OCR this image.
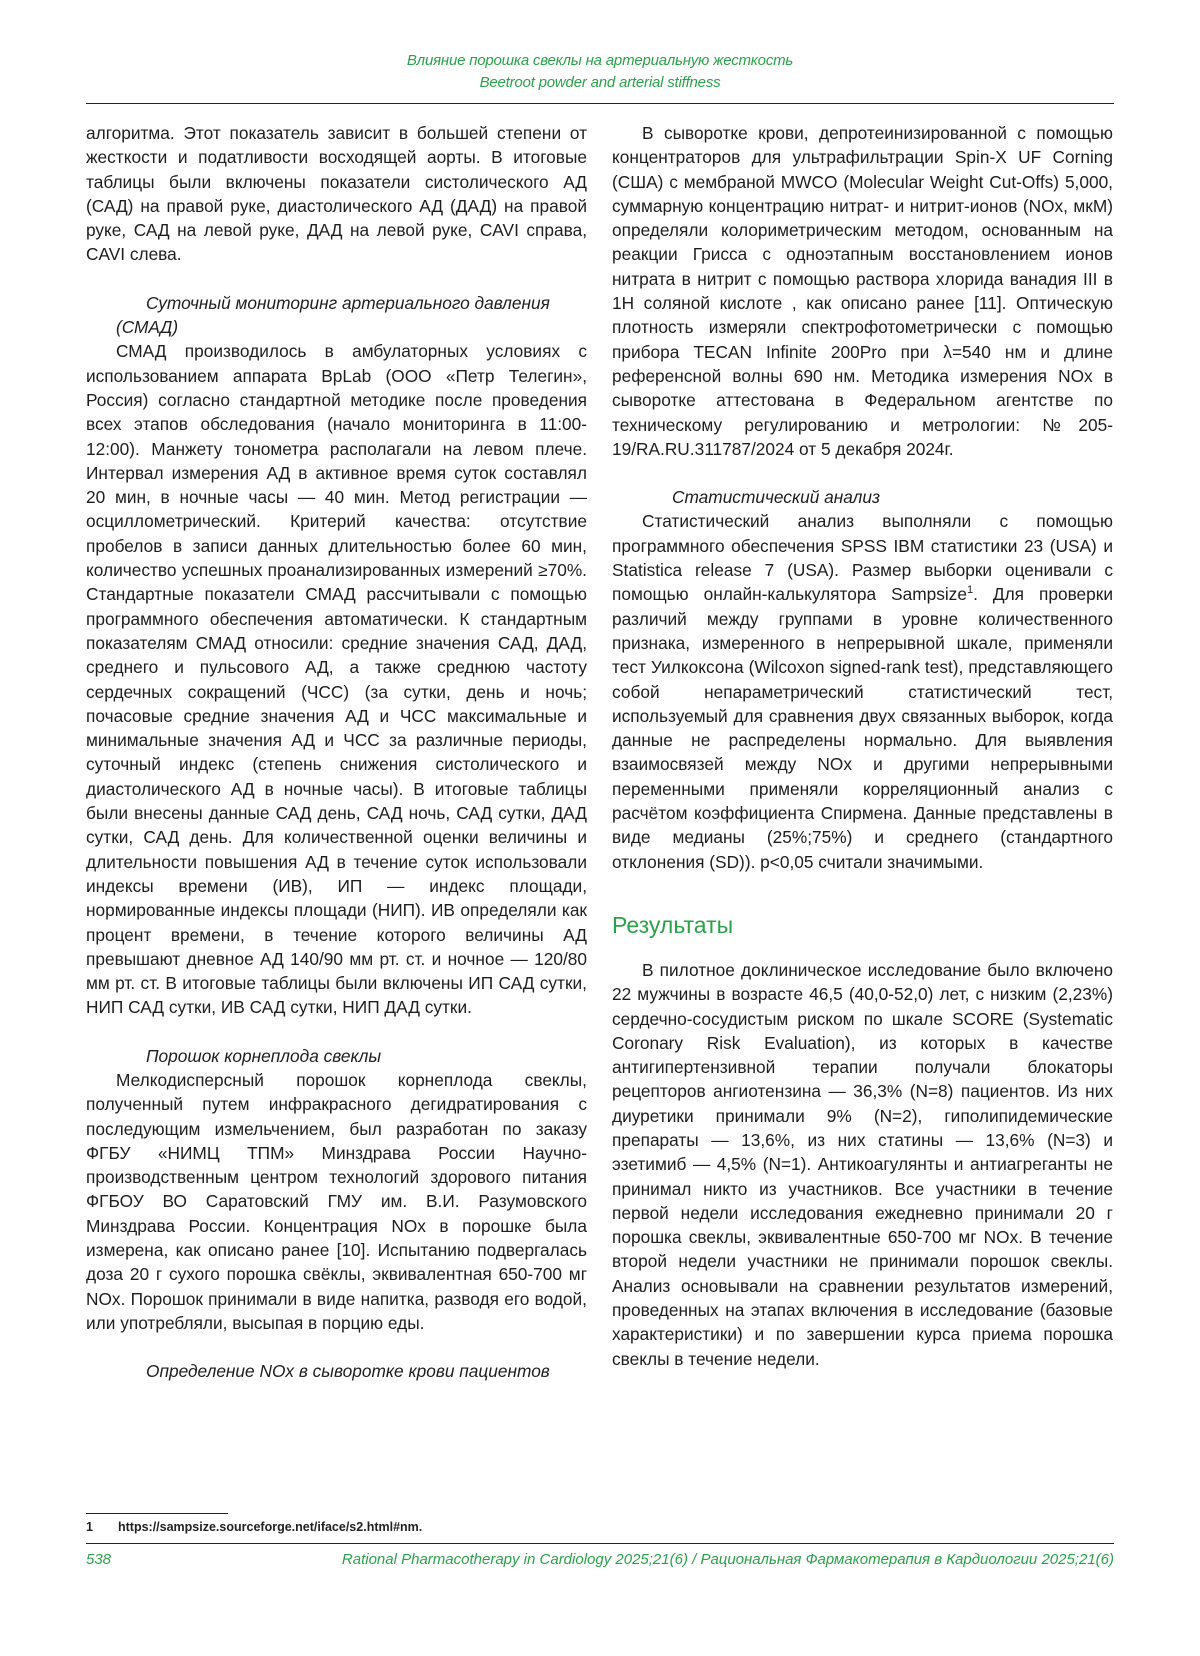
Влияние порошка свеклы на артериальную жесткость
Beetroot powder and arterial stiffness

алгоритма. Этот показатель зависит в большей степени от жесткости и податливости восходящей аорты. В итоговые таблицы были включены показатели систолического АД (САД) на правой руке, диастолического АД (ДАД) на правой руке, САД на левой руке, ДАД на левой руке, CAVI справа, CAVI слева.

Суточный мониторинг артериального давления (СМАД)

СМАД производилось в амбулаторных условиях с использованием аппарата BpLab (ООО «Петр Телегин», Россия) согласно стандартной методике после проведения всех этапов обследования (начало мониторинга в 11:00-12:00). Манжету тонометра располагали на левом плече. Интервал измерения АД в активное время суток составлял 20 мин, в ночные часы — 40 мин. Метод регистрации — осциллометрический. Критерий качества: отсутствие пробелов в записи данных длительностью более 60 мин, количество успешных проанализированных измерений ≥70%. Стандартные показатели СМАД рассчитывали с помощью программного обеспечения автоматически. К стандартным показателям СМАД относили: средние значения САД, ДАД, среднего и пульсового АД, а также среднюю частоту сердечных сокращений (ЧСС) (за сутки, день и ночь; почасовые средние значения АД и ЧСС максимальные и минимальные значения АД и ЧСС за различные периоды, суточный индекс (степень снижения систолического и диастолического АД в ночные часы). В итоговые таблицы были внесены данные САД день, САД ночь, САД сутки, ДАД сутки, САД день. Для количественной оценки величины и длительности повышения АД в течение суток использовали индексы времени (ИВ), ИП — индекс площади, нормированные индексы площади (НИП). ИВ определяли как процент времени, в течение которого величины АД превышают дневное АД 140/90 мм рт. ст. и ночное — 120/80 мм рт. ст. В итоговые таблицы были включены ИП САД сутки, НИП САД сутки, ИВ САД сутки, НИП ДАД сутки.

Порошок корнеплода свеклы

Мелкодисперсный порошок корнеплода свеклы, полученный путем инфракрасного дегидратирования с последующим измельчением, был разработан по заказу ФГБУ «НИМЦ ТПМ» Минздрава России Научно-производственным центром технологий здорового питания ФГБОУ ВО Саратовский ГМУ им. В.И. Разумовского Минздрава России. Концентрация NOx в порошке была измерена, как описано ранее [10]. Испытанию подвергалась доза 20 г сухого порошка свёклы, эквивалентная 650-700 мг NOx. Порошок принимали в виде напитка, разводя его водой, или употребляли, высыпая в порцию еды.

Определение NOx в сыворотке крови пациентов

В сыворотке крови, депротеинизированной с помощью концентраторов для ультрафильтрации Spin-X UF Corning (США) с мембраной MWCO (Molecular Weight Cut-Offs) 5,000, суммарную концентрацию нитрат- и нитрит-ионов (NOx, мкМ) определяли колориметрическим методом, основанным на реакции Грисса с одноэтапным восстановлением ионов нитрата в нитрит с помощью раствора хлорида ванадия III в 1Н соляной кислоте , как описано ранее [11]. Оптическую плотность измеряли спектрофотометрически с помощью прибора TECAN Infinite 200Pro при λ=540 нм и длине референсной волны 690 нм. Методика измерения NOx в сыворотке аттестована в Федеральном агентстве по техническому регулированию и метрологии: №205-19/RA.RU.311787/2024 от 5 декабря 2024г.

Статистический анализ

Статистический анализ выполняли с помощью программного обеспечения SPSS IBM статистики 23 (USA) и Statistica release 7 (USA). Размер выборки оценивали с помощью онлайн-калькулятора Sampsize$^1$. Для проверки различий между группами в уровне количественного признака, измеренного в непрерывной шкале, применяли тест Уилкоксона (Wilcoxon signed-rank test), представляющего собой непараметрический статистический тест, используемый для сравнения двух связанных выборок, когда данные не распределены нормально. Для выявления взаимосвязей между NOx и другими непрерывными переменными применяли корреляционный анализ с расчётом коэффициента Спирмена. Данные представлены в виде медианы (25%;75%) и среднего (стандартного отклонения (SD)). р<0,05 считали значимыми.

Результаты

В пилотное доклиническое исследование было включено 22 мужчины в возрасте 46,5 (40,0-52,0) лет, с низким (2,23%) сердечно-сосудистым риском по шкале SCORE (Systematic Coronary Risk Evaluation), из которых в качестве антигипертензивной терапии получали блокаторы рецепторов ангиотензина — 36,3% (N=8) пациентов. Из них диуретики принимали 9% (N=2), гиполипидемические препараты — 13,6%, из них статины — 13,6% (N=3) и эзетимиб — 4,5% (N=1). Антикоагулянты и антиагреганты не принимал никто из участников. Все участники в течение первой недели исследования ежедневно принимали 20 г порошка свеклы, эквивалентные 650-700 мг NOx. В течение второй недели участники не принимали порошок свеклы. Анализ основывали на сравнении результатов измерений, проведенных на этапах включения в исследование (базовые характеристики) и по завершении курса приема порошка свеклы в течение недели.

1 https://sampsize.sourceforge.net/iface/s2.html#nm.
538	Rational Pharmacotherapy in Cardiology 2025;21(6) / Рациональная Фармакотерапия в Кардиологии 2025;21(6)
